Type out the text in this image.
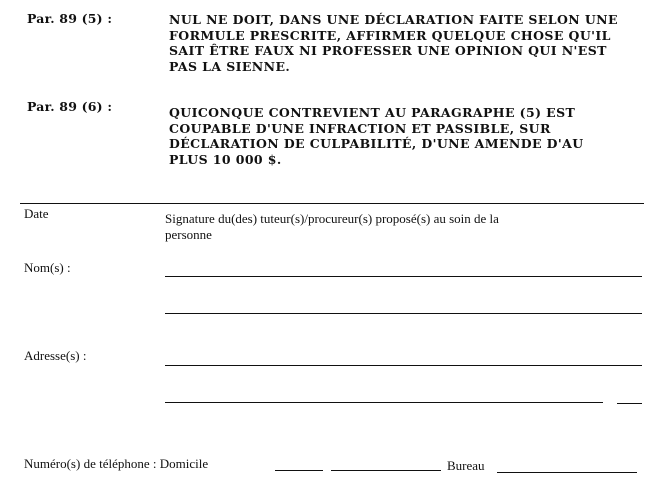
Par. 89 (5) :	NUL NE DOIT, DANS UNE DÉCLARATION FAITE SELON UNE
FORMULE PRESCRITE, AFFIRMER QUELQUE CHOSE QU'IL
SAIT ÊTRE FAUX NI PROFESSER UNE OPINION QUI N'EST
PAS LA SIENNE.

Par. 89 (6) :	QUICONQUE CONTREVIENT AU PARAGRAPHE (5) EST
COUPABLE D'UNE INFRACTION ET PASSIBLE, SUR
DÉCLARATION DE CULPABILITÉ, D'UNE AMENDE D'AU
PLUS 10 000 $.

Date	Signature du(des) tuteur(s)/procureur(s) proposé(s) au soin de la
personne

Nom(s) :
Adresse(s) :
Numéro(s) de téléphone : Domicile	Bureau
